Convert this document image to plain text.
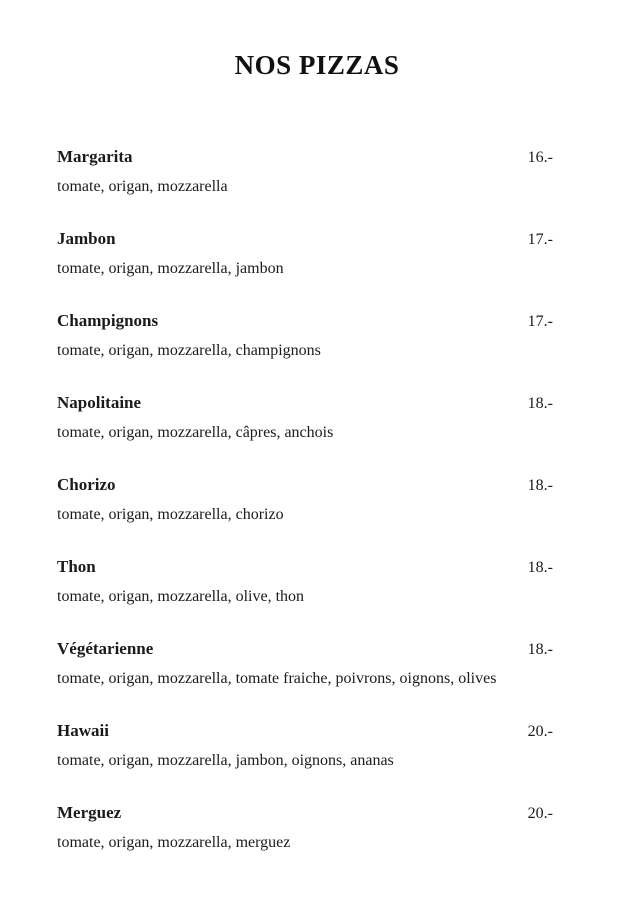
NOS PIZZAS
Margarita	16.-
tomate, origan, mozzarella
Jambon	17.-
tomate, origan, mozzarella, jambon
Champignons	17.-
tomate, origan, mozzarella, champignons
Napolitaine	18.-
tomate, origan, mozzarella, câpres, anchois
Chorizo	18.-
tomate, origan, mozzarella, chorizo
Thon	18.-
tomate, origan, mozzarella, olive, thon
Végétarienne	18.-
tomate, origan, mozzarella, tomate fraiche, poivrons, oignons, olives
Hawaii	20.-
tomate, origan, mozzarella, jambon, oignons, ananas
Merguez	20.-
tomate, origan, mozzarella, merguez
